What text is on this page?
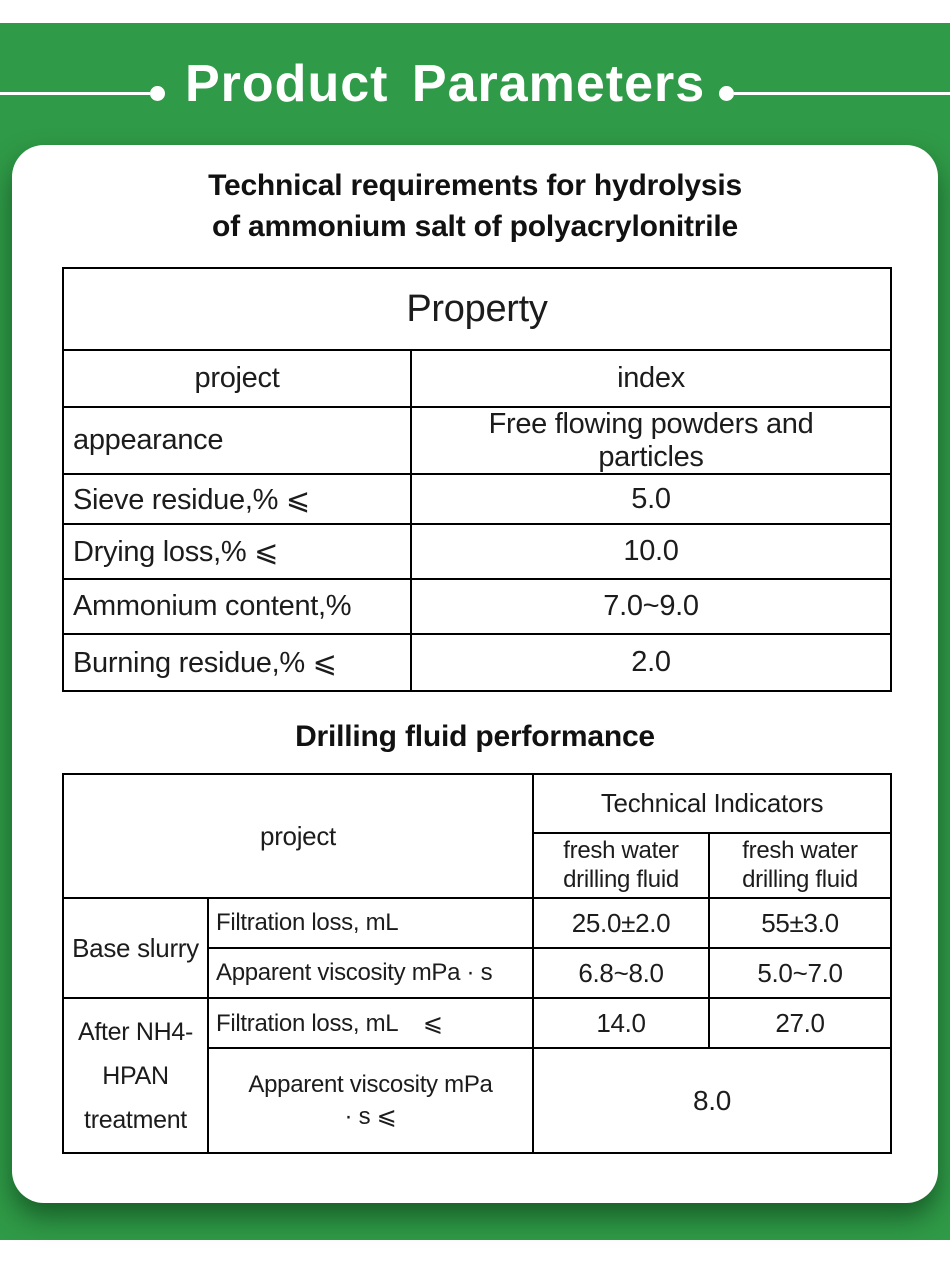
Product Parameters
Technical requirements for hydrolysis
of ammonium salt of polyacrylonitrile
Property	
project	index
appearance	Free flowing powders and particles

Sieve residue,% ⩽	5.0
Drying loss,% ⩽	10.0
Ammonium content,%	7.0~9.0
Burning residue,% ⩽	2.0
Drilling fluid performance
project		Technical Indicators	
		fresh water drilling fluid	fresh water drilling fluid
Base slurry	Filtration loss, mL	25.0±2.0	55±3.0
	Apparent viscosity mPa · s	6.8~8.0	5.0~7.0
After NH4-HPAN treatment	Filtration loss, mL    ⩽	14.0	27.0

	Apparent viscosity mPa · s ⩽	8.0	
